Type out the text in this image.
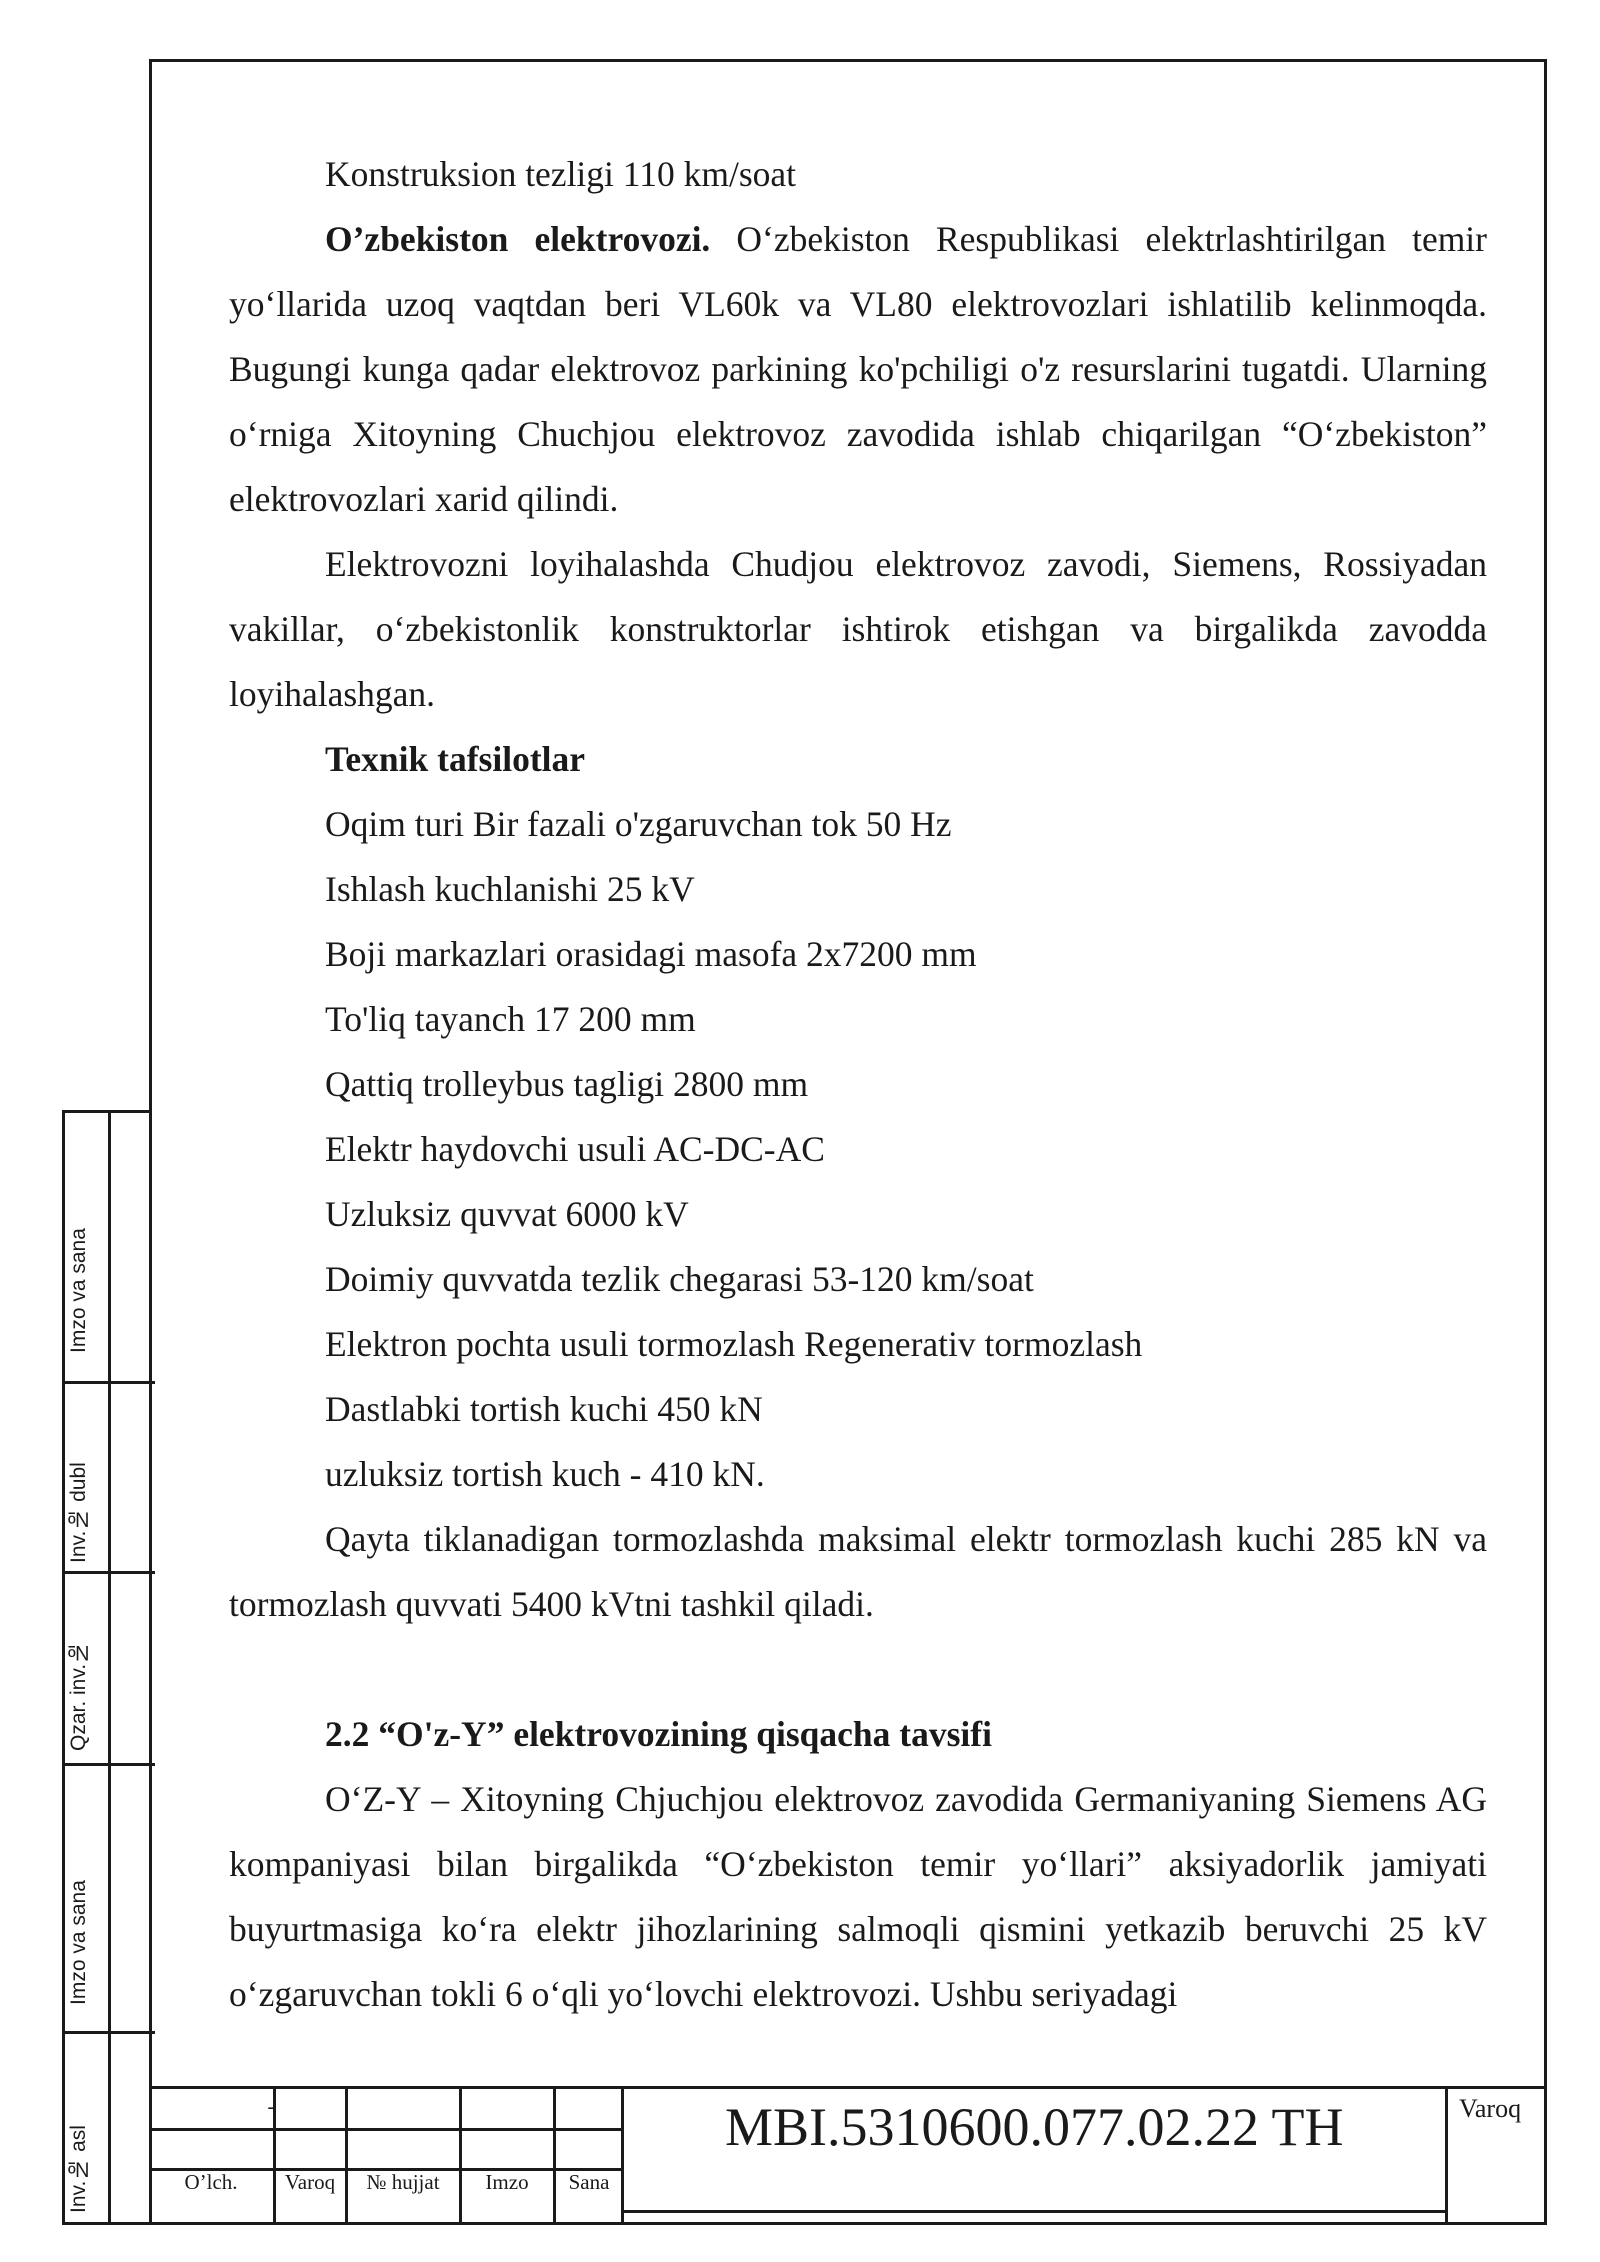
Konstruksion tezligi 110 km/soat

O’zbekiston elektrovozi. O‘zbekiston Respublikasi elektrlashtirilgan temir yo‘llarida uzoq vaqtdan beri VL60k va VL80 elektrovozlari ishlatilib kelinmoqda. Bugungi kunga qadar elektrovoz parkining ko'pchiligi o'z resurslarini tugatdi. Ularning o‘rniga Xitoyning Chuchjou elektrovoz zavodida ishlab chiqarilgan “O‘zbekiston” elektrovozlari xarid qilindi.

Elektrovozni loyihalashda Chudjou elektrovoz zavodi, Siemens, Rossiyadan vakillar, o‘zbekistonlik konstruktorlar ishtirok etishgan va birgalikda zavodda loyihalashgan.

Texnik tafsilotlar

Oqim turi Bir fazali o'zgaruvchan tok 50 Hz

Ishlash kuchlanishi 25 kV

Boji markazlari orasidagi masofa 2x7200 mm

To'liq tayanch 17 200 mm

Qattiq trolleybus tagligi 2800 mm

Elektr haydovchi usuli AC-DC-AC

Uzluksiz quvvat 6000 kV

Doimiy quvvatda tezlik chegarasi 53-120 km/soat

Elektron pochta usuli tormozlash Regenerativ tormozlash

Dastlabki tortish kuchi 450 kN

uzluksiz tortish kuch - 410 kN.

Qayta tiklanadigan tormozlashda maksimal elektr tormozlash kuchi 285 kN va tormozlash quvvati 5400 kVtni tashkil qiladi.

2.2 “O'z-Y” elektrovozining qisqacha tavsifi

O‘Z-Y – Xitoyning Chjuchjou elektrovoz zavodida Germaniyaning Siemens AG kompaniyasi bilan birgalikda “O‘zbekiston temir yo‘llari” aksiyadorlik jamiyati buyurtmasiga ko‘ra elektr jihozlarining salmoqli qismini yetkazib beruvchi 25 kV o‘zgaruvchan tokli 6 o‘qli yo‘lovchi elektrovozi. Ushbu seriyadagi

Imzo va sana
Inv.№ dubl
Qzar. inv.№
Imzo va sana
Inv.№ asl
-
O’lch.	Varoq	№ hujjat	Imzo	Sana
MBI.5310600.077.02.22 TH	Varoq
